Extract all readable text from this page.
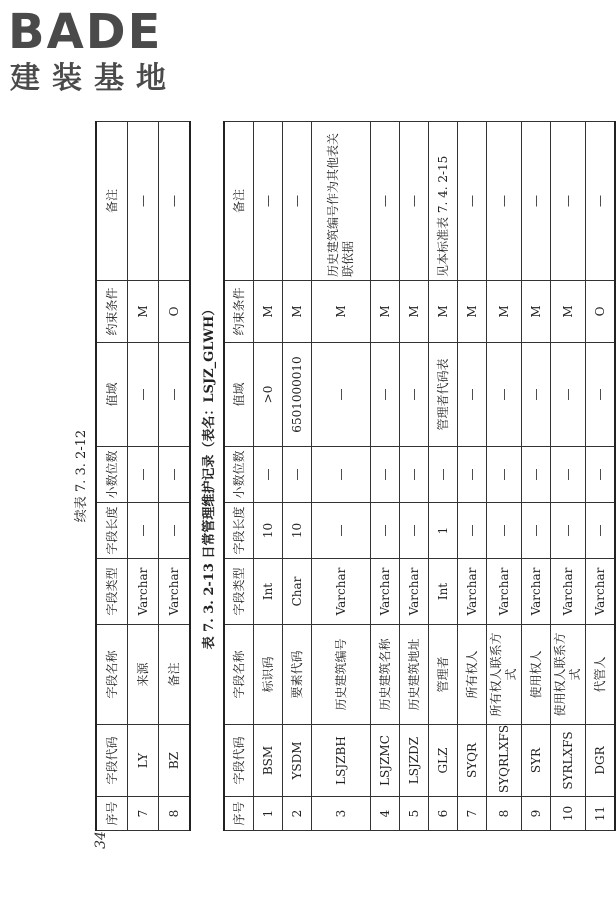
BADE
建装基地

续表 7. 3. 2-12

序号	字段代码	字段名称	字段类型	字段长度	小数位数	值域	约束条件	备注
7	LY	来源	Varchar	—	—	—	M	—
8	BZ	备注	Varchar	—	—	—	O	—

表 7. 3. 2-13 日常管理维护记录（表名：LSJZ_GLWH）

序号	字段代码	字段名称	字段类型	字段长度	小数位数	值域	约束条件	备注
1	BSM	标识码	Int	10	—	>0	M	—
2	YSDM	要素代码	Char	10	—	6501000010	M	—
3	LSJZBH	历史建筑编号	Varchar	—	—	—	M	历史建筑编号作为其他表关联依据
4	LSJZMC	历史建筑名称	Varchar	—	—	—	M	—
5	LSJZDZ	历史建筑地址	Varchar	—	—	—	M	—
6	GLZ	管理者	Int	1	—	管理者代码表	M	见本标准表 7. 4. 2-15
7	SYQR	所有权人	Varchar	—	—	—	M	—
8	SYQRLXFS	所有权人联系方式	Varchar	—	—	—	M	—
9	SYR	使用权人	Varchar	—	—	—	M	—
10	SYRLXFS	使用权人联系方式	Varchar	—	—	—	M	—
11	DGR	代管人	Varchar	—	—	—	O	—
34
